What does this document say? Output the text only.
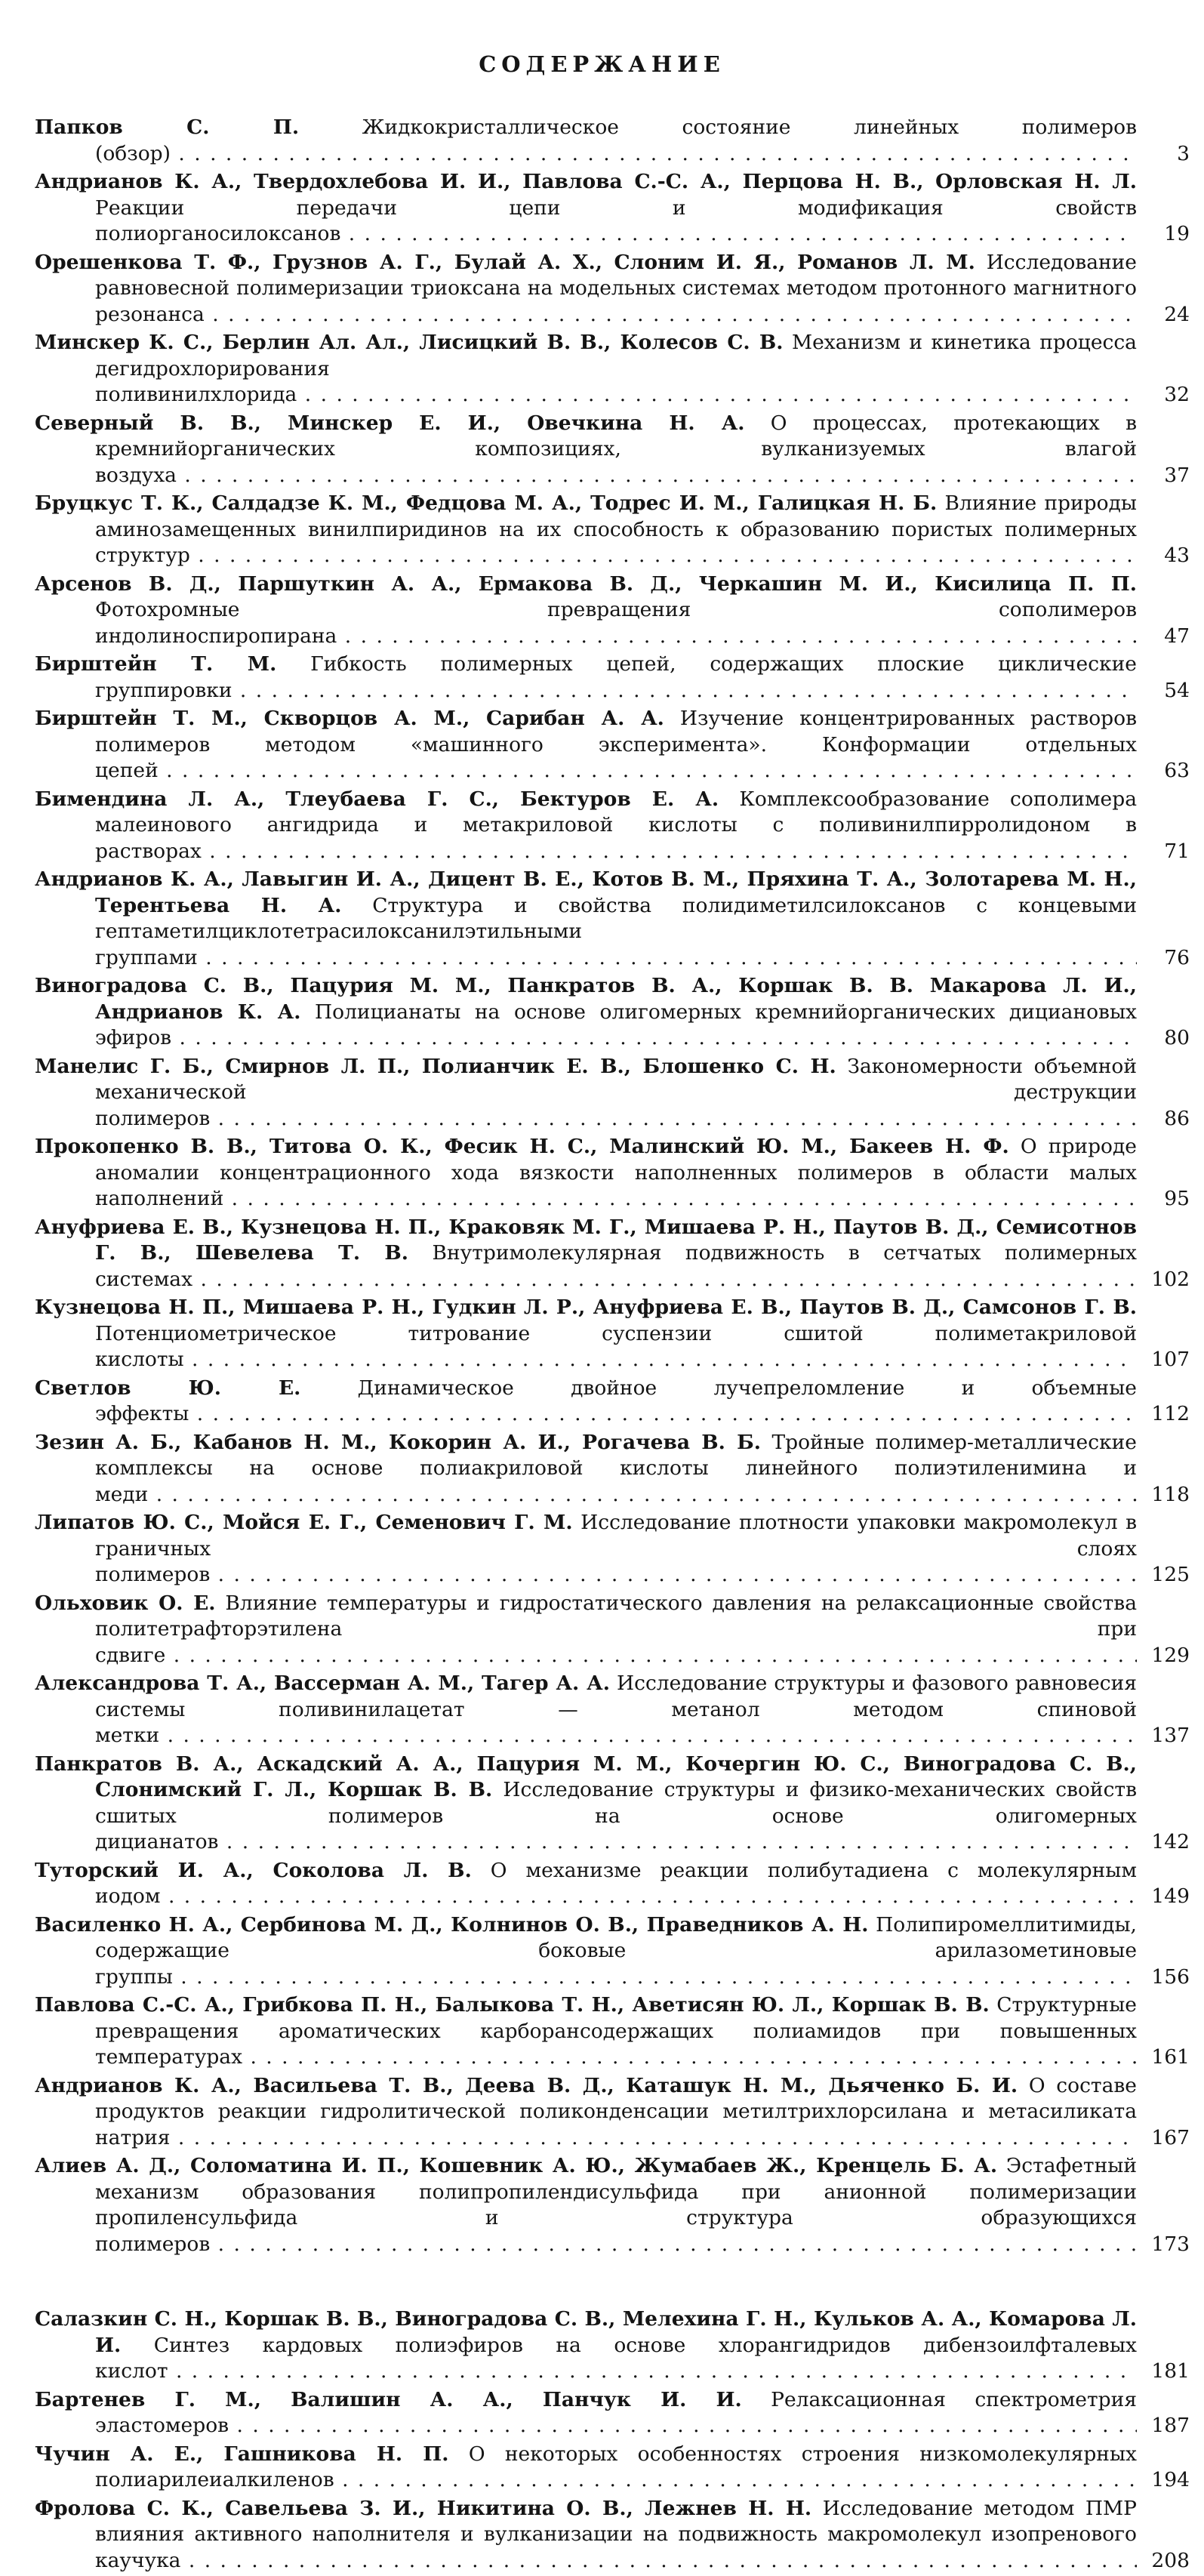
СОДЕРЖАНИЕ
Папков С. П.	Жидкокристаллическое состояние линейных полимеров (обзор) . . .	3
Андрианов К. А., Твердохлебова И. И., Павлова С.-С. А., Перцова Н. В., Орловская Н. Л. Реакции передачи цепи и модификация свойств полиорганосилоксанов . . .	19
Орешенкова Т. Ф., Грузнов А. Г., Булай А. Х., Слоним И. Я., Романов Л. М. Исследование равновесной полимеризации триоксана на модельных системах методом протонного магнитного резонанса . . .	24
Минскер К. С., Берлин Ал. Ал., Лисицкий В. В., Колесов С. В. Механизм и кинетика процесса дегидрохлорирования поливинилхлорида . . .	32
Северный В. В., Минскер Е. И., Овечкина Н. А. О процессах, протекающих в кремнийорганических композициях, вулканизуемых влагой воздуха . . .	37
Бруцкус Т. К., Салдадзе К. М., Федцова М. А., Тодрес И. М., Галицкая Н. Б. Влияние природы аминозамещенных винилпиридинов на их способность к образованию пористых полимерных структур . . .	43
Арсенов В. Д., Паршуткин А. А., Ермакова В. Д., Черкашин М. И., Кисилица П. П. Фотохромные превращения сополимеров индолиноспиропирана . . .	47
Бирштейн Т. М. Гибкость полимерных цепей, содержащих плоские циклические группировки . . .	54
Бирштейн Т. М., Скворцов А. М., Сарибан А. А. Изучение концентрированных растворов полимеров методом «машинного эксперимента». Конформации отдельных цепей . . .	63
Бимендина Л. А., Тлеубаева Г. С., Бектуров Е. А. Комплексообразование сополимера малеинового ангидрида и метакриловой кислоты с поливинилпирролидоном в растворах . . .	71
Андрианов К. А., Лавыгин И. А., Дицент В. Е., Котов В. М., Пряхина Т. А., Золотарева М. Н., Терентьева Н. А. Структура и свойства полидиметилсилоксанов с концевыми гептаметилциклотетрасилоксанилэтильными группами . . .	76
Виноградова С. В., Пацурия М. М., Панкратов В. А., Коршак В. В. Макарова Л. И., Андрианов К. А. Полицианаты на основе олигомерных кремнийорганических дициановых эфиров . . .	80
Манелис Г. Б., Смирнов Л. П., Полианчик Е. В., Блошенко С. Н. Закономерности объемной механической деструкции полимеров . . .	86
Прокопенко В. В., Титова О. К., Фесик Н. С., Малинский Ю. М., Бакеев Н. Ф. О природе аномалии концентрационного хода вязкости наполненных полимеров в области малых наполнений . . .	95
Ануфриева Е. В., Кузнецова Н. П., Краковяк М. Г., Мишаева Р. Н., Паутов В. Д., Семисотнов Г. В., Шевелева Т. В. Внутримолекулярная подвижность в сетчатых полимерных системах . . .	102
Кузнецова Н. П., Мишаева Р. Н., Гудкин Л. Р., Ануфриева Е. В., Паутов В. Д., Самсонов Г. В. Потенциометрическое титрование суспензии сшитой полиметакриловой кислоты . . .	107
Светлов Ю. Е.	Динамическое двойное лучепреломление и объемные эффекты . . .	112
Зезин А. Б., Кабанов Н. М., Кокорин А. И., Рогачева В. Б. Тройные полимер-металлические комплексы на основе полиакриловой кислоты линейного полиэтиленимина и меди . . .	118
Липатов Ю. С., Мойся Е. Г., Семенович Г. М. Исследование плотности упаковки макромолекул в граничных слоях полимеров . . .	125
Ольховик О. Е. Влияние температуры и гидростатического давления на релаксационные свойства политетрафторэтилена при сдвиге . . .	129
Александрова Т. А., Вассерман А. М., Тагер А. А. Исследование структуры и фазового равновесия системы поливинилацетат — метанол методом спиновой метки . . .	137
Панкратов В. А., Аскадский А. А., Пацурия М. М., Кочергин Ю. С., Виноградова С. В., Слонимский Г. Л., Коршак В. В. Исследование структуры и физико-механических свойств сшитых полимеров на основе олигомерных дицианатов . . .	142
Туторский И. А., Соколова Л. В. О механизме реакции полибутадиена с молекулярным иодом . . .	149
Василенко Н. А., Сербинова М. Д., Колнинов О. В., Праведников А. Н. Полипиромеллитимиды, содержащие боковые арилазометиновые группы . . .	156
Павлова С.-С. А., Грибкова П. Н., Балыкова Т. Н., Аветисян Ю. Л., Коршак В. В. Структурные превращения ароматических карборансодержащих полиамидов при повышенных температурах . . .	161
Андрианов К. А., Васильева Т. В., Деева В. Д., Каташук Н. М., Дьяченко Б. И. О составе продуктов реакции гидролитической поликонденсации метилтрихлорсилана и метасиликата натрия . . .	167
Алиев А. Д., Соломатина И. П., Кошевник А. Ю., Жумабаев Ж., Кренцель Б. А. Эстафетный механизм образования полипропилендисульфида при анионной полимеризации пропиленсульфида и структура образующихся полимеров . . .	173
Салазкин С. Н., Коршак В. В., Виноградова С. В., Мелехина Г. Н., Кульков А. А., Комарова Л. И. Синтез кардовых полиэфиров на основе хлорангидридов дибензоилфталевых кислот . . .	181
Бартенев Г. М., Валишин А. А., Панчук И. И. Релаксационная спектрометрия эластомеров . . .	187
Чучин А. Е., Гашникова Н. П. О некоторых особенностях строения низкомолекулярных полиарилеиалкиленов . . .	194
Фролова С. К., Савельева З. И., Никитина О. В., Лежнев Н. Н. Исследование методом ПМР влияния активного наполнителя и вулканизации на подвижность макромолекул изопренового каучука . . .	208
